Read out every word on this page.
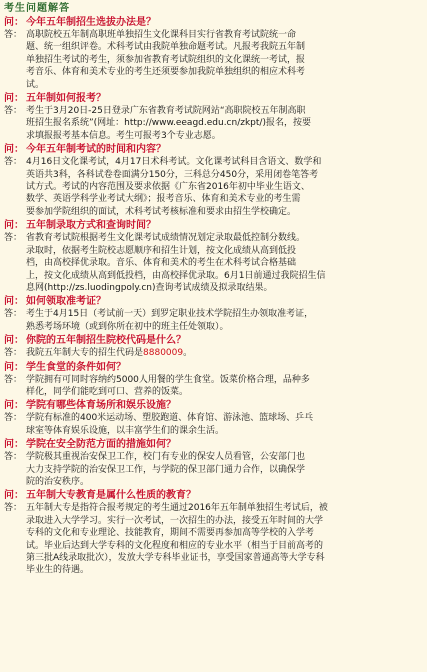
考生问题解答
问： 今年五年制招生选拔办法是？
答： 高职院校五年制高职班单独招生文化课科目实行省教育考试院统一命
题、统一组织评卷。术科考试由我院单独命题考试。凡报考我院五年制
单独招生考试的考生，须参加省教育考试院组织的文化课统一考试，报
考音乐、体育和美术专业的考生还须要参加我院单独组织的相应术科考
试。
问： 五年制如何报考？
答： 考生于3月20日-25日登录广东省教育考试院网站“高职院校五年制高职
班招生报名系统”(网址：http://www.eeagd.edu.cn/zkpt/)报名，按要
求填报报考基本信息。考生可报考3个专业志愿。
问： 今年五年制考试的时间和内容？
答： 4月16日文化课考试，4月17日术科考试。文化课考试科目含语文、数学和
英语共3科，各科试卷卷面满分150分，三科总分450分，采用闭卷笔答考
试方式。考试的内容范围及要求依据《广东省2016年初中毕业生语文、
数学、英语学科学业考试大纲》；报考音乐、体育和美术专业的考生需
要参加学院组织的面试，术科考试考核标准和要求由招生学校确定。
问： 五年制录取方式和查询时间？
答： 省教育考试院根据考生文化课考试成绩情况划定录取最低控制分数线。
录取时，依据考生院校志愿顺序和招生计划，按文化成绩从高到低投
档，由高校择优录取。音乐、体育和美术的考生在术科考试合格基础
上，按文化成绩从高到低投档，由高校择优录取。6月1日前通过我院招生信
息网(http://zs.luodingpoly.cn)查询考试成绩及拟录取结果。
问： 如何领取准考证？
答： 考生于4月15日（考试前一天）到罗定职业技术学院招生办领取准考证，
熟悉考场环境（或到你所在初中的班主任处领取）。
问： 你院的五年制招生院校代码是什么？
答： 我院五年制大专的招生代码是8880009。
问： 学生食堂的条件如何？
答： 学院拥有可同时容纳约5000人用餐的学生食堂。饭菜价格合理，品种多
样化，同学们能吃到可口、营养的饭菜。
问： 学院有哪些体育场所和娱乐设施？
答： 学院有标准的400米运动场、塑胶跑道、体育馆、游泳池、篮球场、乒乓
球室等体育娱乐设施，以丰富学生们的课余生活。
问： 学院在安全防范方面的措施如何？
答： 学院极其重视治安保卫工作，校门有专业的保安人员看管，公安部门也
大力支持学院的治安保卫工作，与学院的保卫部门通力合作，以确保学
院的治安秩序。
问： 五年制大专教育是属什么性质的教育？
答： 五年制大专是指符合报考规定的考生通过2016年五年制单独招生考试后，被
录取进入大学学习。实行一次考试，一次招生的办法，接受五年时间的大学
专科的文化和专业理论、技能教育，期间不需要再参加高等学校的入学考
试。毕业后达到大学专科的文化程度和相应的专业水平（相当于目前高考的
第三批A线录取批次），发放大学专科毕业证书，享受国家普通高等大学专科
毕业生的待遇。
